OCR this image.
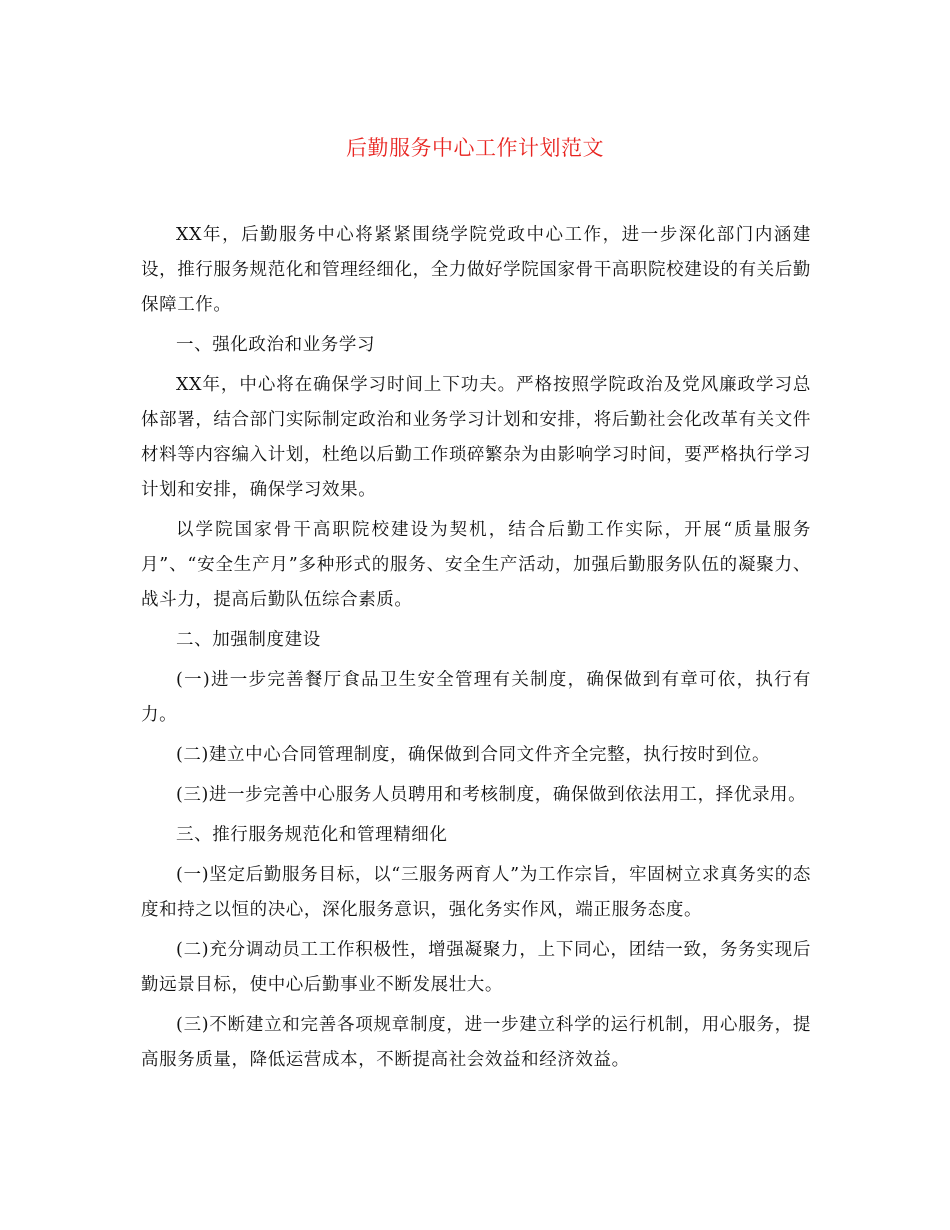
后勤服务中心工作计划范文

XX年，后勤服务中心将紧紧围绕学院党政中心工作，进一步深化部门内涵建设，推行服务规范化和管理经细化，全力做好学院国家骨干高职院校建设的有关后勤保障工作。

一、强化政治和业务学习

XX年，中心将在确保学习时间上下功夫。严格按照学院政治及党风廉政学习总体部署，结合部门实际制定政治和业务学习计划和安排，将后勤社会化改革有关文件材料等内容编入计划，杜绝以后勤工作琐碎繁杂为由影响学习时间，要严格执行学习计划和安排，确保学习效果。

以学院国家骨干高职院校建设为契机，结合后勤工作实际，开展“质量服务月”、“安全生产月”多种形式的服务、安全生产活动，加强后勤服务队伍的凝聚力、战斗力，提高后勤队伍综合素质。

二、加强制度建设

(一)进一步完善餐厅食品卫生安全管理有关制度，确保做到有章可依，执行有力。

(二)建立中心合同管理制度，确保做到合同文件齐全完整，执行按时到位。

(三)进一步完善中心服务人员聘用和考核制度，确保做到依法用工，择优录用。

三、推行服务规范化和管理精细化

(一)坚定后勤服务目标，以“三服务两育人”为工作宗旨，牢固树立求真务实的态度和持之以恒的决心，深化服务意识，强化务实作风，端正服务态度。

(二)充分调动员工工作积极性，增强凝聚力，上下同心，团结一致，务务实现后勤远景目标，使中心后勤事业不断发展壮大。

(三)不断建立和完善各项规章制度，进一步建立科学的运行机制，用心服务，提高服务质量，降低运营成本，不断提高社会效益和经济效益。
